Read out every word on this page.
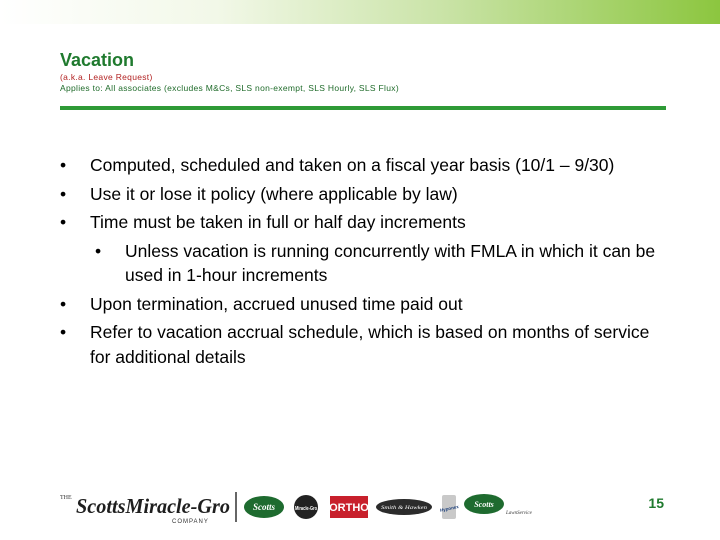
Vacation
(a.k.a. Leave Request)
Applies to: All associates (excludes M&Cs, SLS non-exempt, SLS Hourly, SLS Flux)
•	Computed, scheduled and taken on a fiscal year basis (10/1 – 9/30)
•	Use it or lose it policy (where applicable by law)
•	Time must be taken in full or half day increments
•	Unless vacation is running concurrently with FMLA in which it can be used in 1-hour increments
•	Upon termination, accrued unused time paid out
•	Refer to vacation accrual schedule, which is based on months of service for additional details
THE ScottsMiracle-Gro
COMPANY
Scotts	Miracle-Gro ORTHO Smith & Hawken	Hyponex Scotts
LawnService
15
